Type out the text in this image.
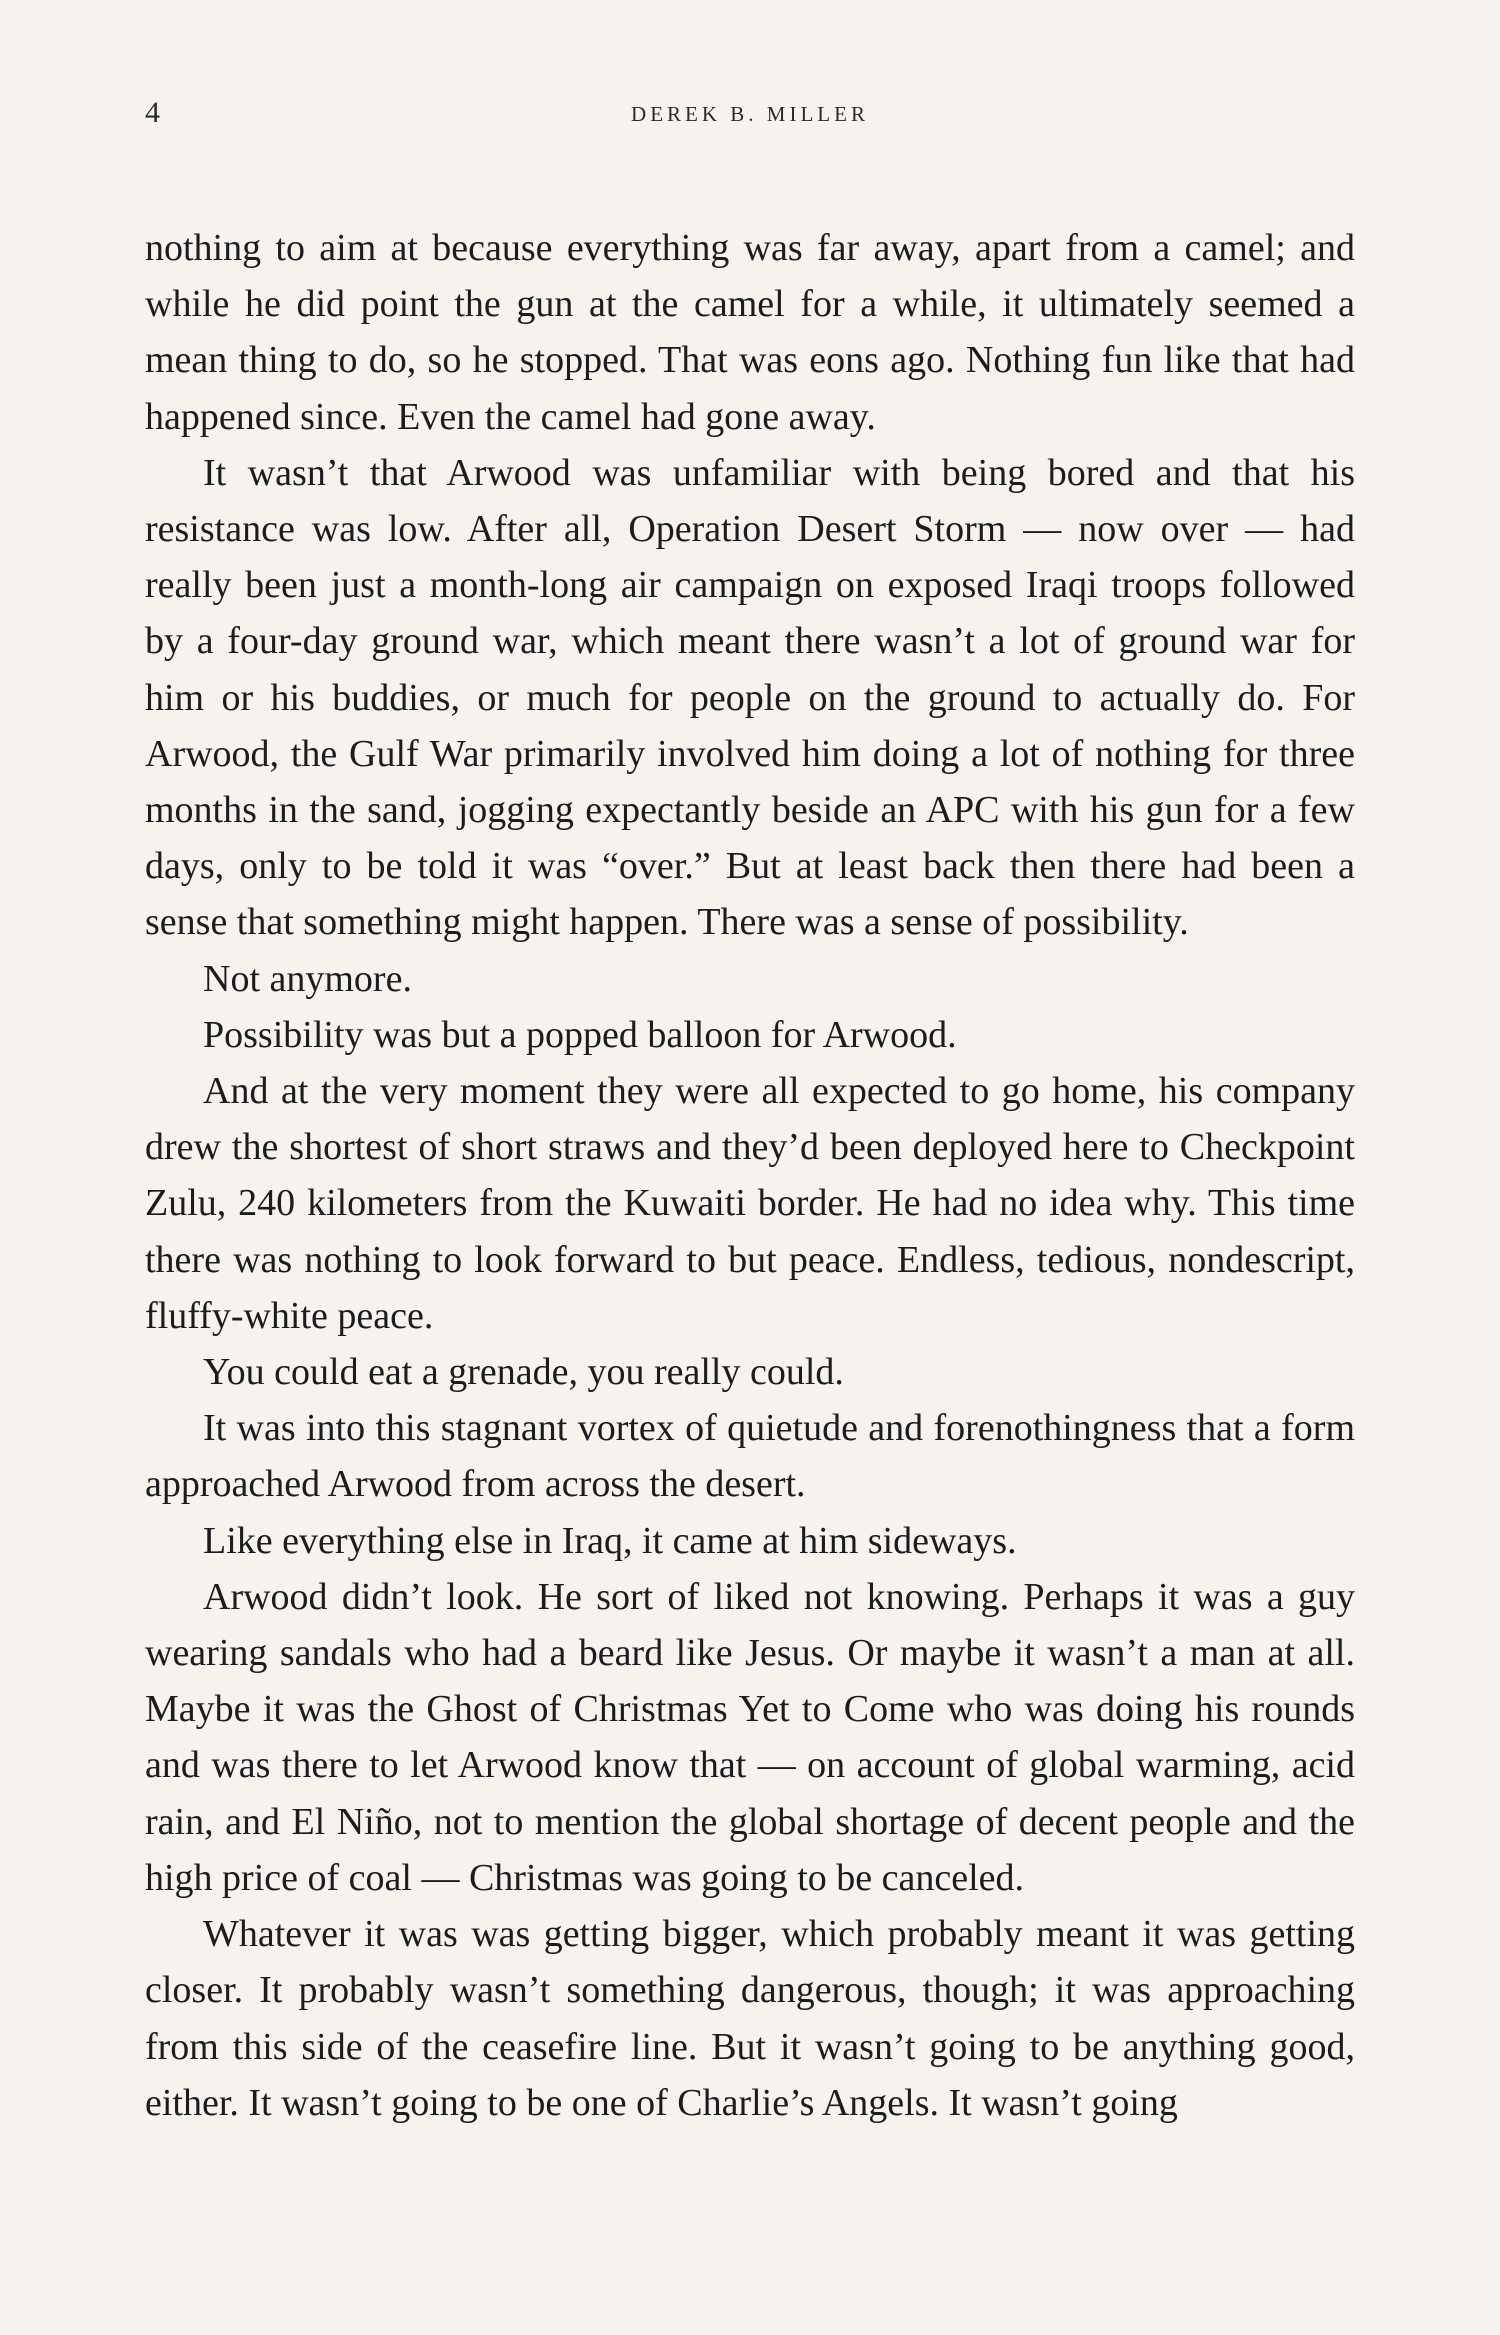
4	DEREK B. MILLER

nothing to aim at because everything was far away, apart from a camel; and while he did point the gun at the camel for a while, it ultimately seemed a mean thing to do, so he stopped. That was eons ago. Nothing fun like that had happened since. Even the camel had gone away.

It wasn’t that Arwood was unfamiliar with being bored and that his resistance was low. After all, Operation Desert Storm — now over — had really been just a month-long air campaign on exposed Iraqi troops followed by a four-day ground war, which meant there wasn’t a lot of ground war for him or his buddies, or much for people on the ground to actually do. For Arwood, the Gulf War primarily involved him doing a lot of nothing for three months in the sand, jogging expectantly beside an APC with his gun for a few days, only to be told it was “over.” But at least back then there had been a sense that something might happen. There was a sense of possibility.

Not anymore.

Possibility was but a popped balloon for Arwood.

And at the very moment they were all expected to go home, his company drew the shortest of short straws and they’d been deployed here to Checkpoint Zulu, 240 kilometers from the Kuwaiti border. He had no idea why. This time there was nothing to look forward to but peace. Endless, tedious, nondescript, fluffy-white peace.

You could eat a grenade, you really could.

It was into this stagnant vortex of quietude and forenothingness that a form approached Arwood from across the desert.

Like everything else in Iraq, it came at him sideways.

Arwood didn’t look. He sort of liked not knowing. Perhaps it was a guy wearing sandals who had a beard like Jesus. Or maybe it wasn’t a man at all. Maybe it was the Ghost of Christmas Yet to Come who was doing his rounds and was there to let Arwood know that — on account of global warming, acid rain, and El Niño, not to mention the global shortage of decent people and the high price of coal — Christmas was going to be canceled.

Whatever it was was getting bigger, which probably meant it was getting closer. It probably wasn’t something dangerous, though; it was approaching from this side of the ceasefire line. But it wasn’t going to be anything good, either. It wasn’t going to be one of Charlie’s Angels. It wasn’t going
